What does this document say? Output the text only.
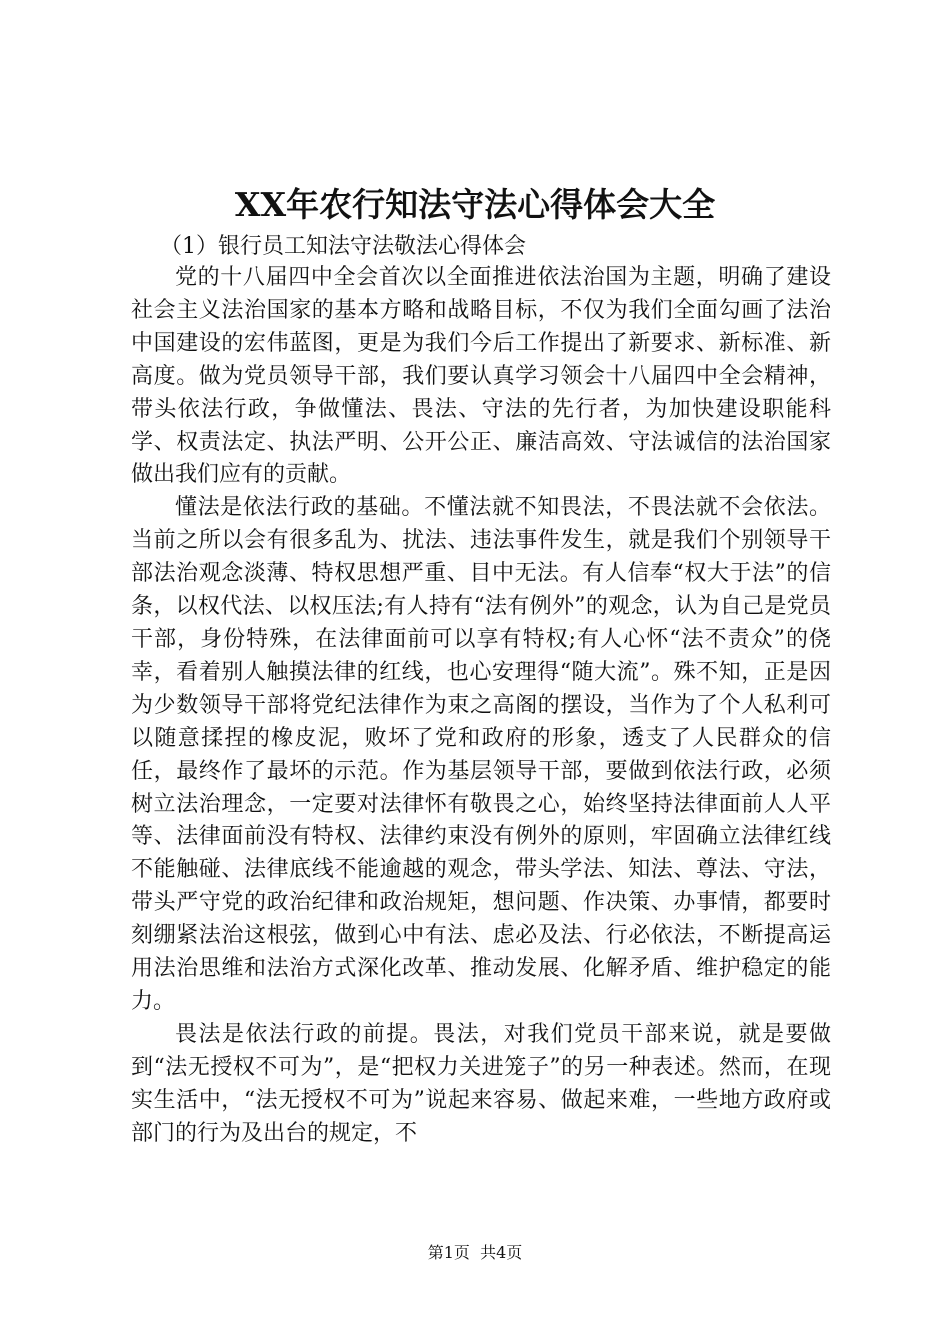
XX年农行知法守法心得体会大全
（1）银行员工知法守法敬法心得体会

党的十八届四中全会首次以全面推进依法治国为主题，明确了建设社会主义法治国家的基本方略和战略目标，不仅为我们全面勾画了法治中国建设的宏伟蓝图，更是为我们今后工作提出了新要求、新标准、新高度。做为党员领导干部，我们要认真学习领会十八届四中全会精神，带头依法行政，争做懂法、畏法、守法的先行者，为加快建设职能科学、权责法定、执法严明、公开公正、廉洁高效、守法诚信的法治国家做出我们应有的贡献。

懂法是依法行政的基础。不懂法就不知畏法，不畏法就不会依法。当前之所以会有很多乱为、扰法、违法事件发生，就是我们个别领导干部法治观念淡薄、特权思想严重、目中无法。有人信奉“权大于法”的信条，以权代法、以权压法;有人持有“法有例外”的观念，认为自己是党员干部，身份特殊，在法律面前可以享有特权;有人心怀“法不责众”的侥幸，看着别人触摸法律的红线，也心安理得“随大流”。殊不知，正是因为少数领导干部将党纪法律作为束之高阁的摆设，当作为了个人私利可以随意揉捏的橡皮泥，败坏了党和政府的形象，透支了人民群众的信任，最终作了最坏的示范。作为基层领导干部，要做到依法行政，必须树立法治理念，一定要对法律怀有敬畏之心，始终坚持法律面前人人平等、法律面前没有特权、法律约束没有例外的原则，牢固确立法律红线不能触碰、法律底线不能逾越的观念，带头学法、知法、尊法、守法，带头严守党的政治纪律和政治规矩，想问题、作决策、办事情，都要时刻绷紧法治这根弦，做到心中有法、虑必及法、行必依法，不断提高运用法治思维和法治方式深化改革、推动发展、化解矛盾、维护稳定的能力。

畏法是依法行政的前提。畏法，对我们党员干部来说，就是要做到“法无授权不可为”，是“把权力关进笼子”的另一种表述。然而，在现实生活中，“法无授权不可为”说起来容易、做起来难，一些地方政府或部门的行为及出台的规定，不

第1页  共4页
